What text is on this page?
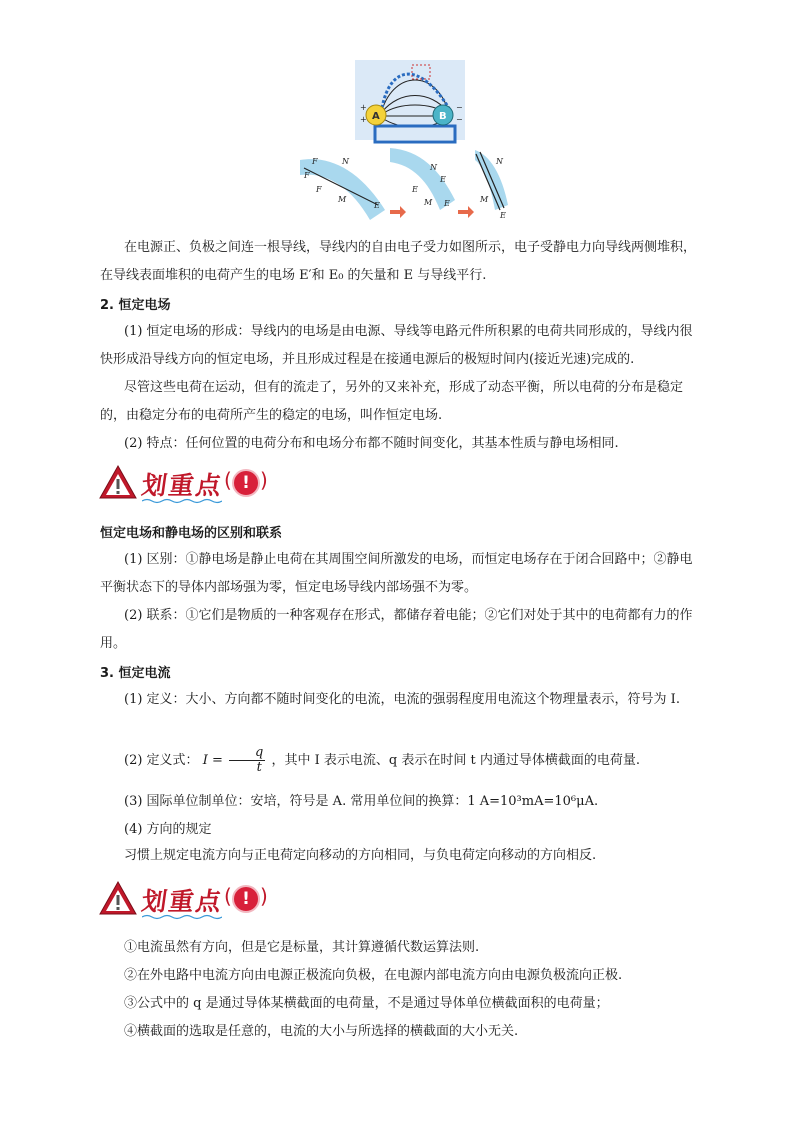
A	B
+
+
−
−
F
F
F
N
M
E
N
E
E
M E
N
M
E
在电源正、负极之间连一根导线，导线内的自由电子受力如图所示，电子受静电力向导线两侧堆积，在导线表面堆积的电荷产生的电场 E′和 E₀ 的矢量和 E 与导线平行.
2. 恒定电场
(1) 恒定电场的形成：导线内的电场是由电源、导线等电路元件所积累的电荷共同形成的，导线内很快形成沿导线方向的恒定电场，并且形成过程是在接通电源后的极短时间内(接近光速)完成的.
尽管这些电荷在运动，但有的流走了，另外的又来补充，形成了动态平衡，所以电荷的分布是稳定的，由稳定分布的电荷所产生的稳定的电场，叫作恒定电场.
(2) 特点：任何位置的电荷分布和电场分布都不随时间变化，其基本性质与静电场相同.
划重点 ( ! )
恒定电场和静电场的区别和联系
(1) 区别：①静电场是静止电荷在其周围空间所激发的电场，而恒定电场存在于闭合回路中；②静电平衡状态下的导体内部场强为零，恒定电场导线内部场强不为零。
(2) 联系：①它们是物质的一种客观存在形式，都储存着电能；②它们对处于其中的电荷都有力的作用。
3. 恒定电流
(1) 定义：大小、方向都不随时间变化的电流，电流的强弱程度用电流这个物理量表示，符号为 I.
(2) 定义式： $I = \frac{q}{t}$ ，其中 I 表示电流、q 表示在时间 t 内通过导体横截面的电荷量.
(3) 国际单位制单位：安培，符号是 A. 常用单位间的换算：1 A=10³mA=10⁶μA.
(4) 方向的规定
习惯上规定电流方向与正电荷定向移动的方向相同，与负电荷定向移动的方向相反.
划重点 ( ! )
①电流虽然有方向，但是它是标量，其计算遵循代数运算法则.
②在外电路中电流方向由电源正极流向负极，在电源内部电流方向由电源负极流向正极.
③公式中的 q 是通过导体某横截面的电荷量，不是通过导体单位横截面积的电荷量；
④横截面的选取是任意的，电流的大小与所选择的横截面的大小无关.
